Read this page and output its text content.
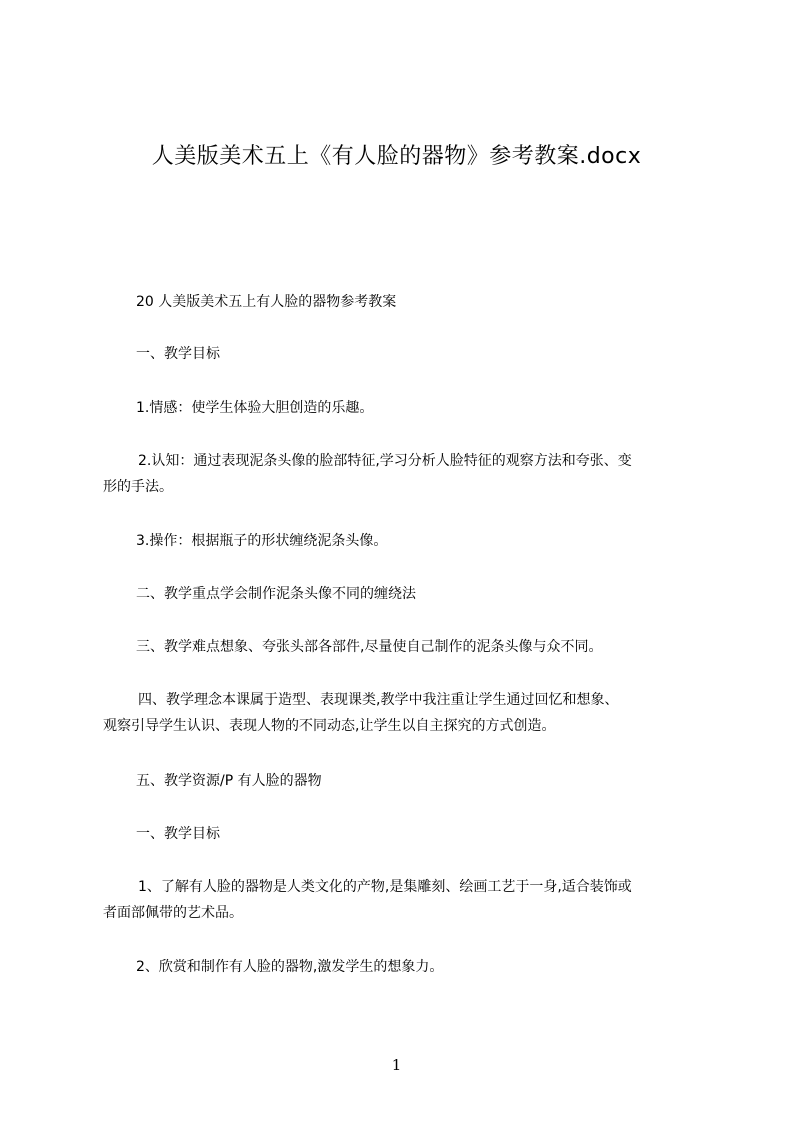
人美版美术五上《有人脸的器物》参考教案.docx
20 人美版美术五上有人脸的器物参考教案
一、教学目标
1.情感：使学生体验大胆创造的乐趣。
2.认知：通过表现泥条头像的脸部特征,学习分析人脸特征的观察方法和夸张、变
形的手法。
3.操作：根据瓶子的形状缠绕泥条头像。
二、教学重点学会制作泥条头像不同的缠绕法
三、教学难点想象、夸张头部各部件,尽量使自己制作的泥条头像与众不同。
四、教学理念本课属于造型、表现课类,教学中我注重让学生通过回忆和想象、
观察引导学生认识、表现人物的不同动态,让学生以自主探究的方式创造。
五、教学资源/P 有人脸的器物
一、教学目标
1、了解有人脸的器物是人类文化的产物,是集雕刻、绘画工艺于一身,适合装饰或
者面部佩带的艺术品。
2、欣赏和制作有人脸的器物,激发学生的想象力。
1
